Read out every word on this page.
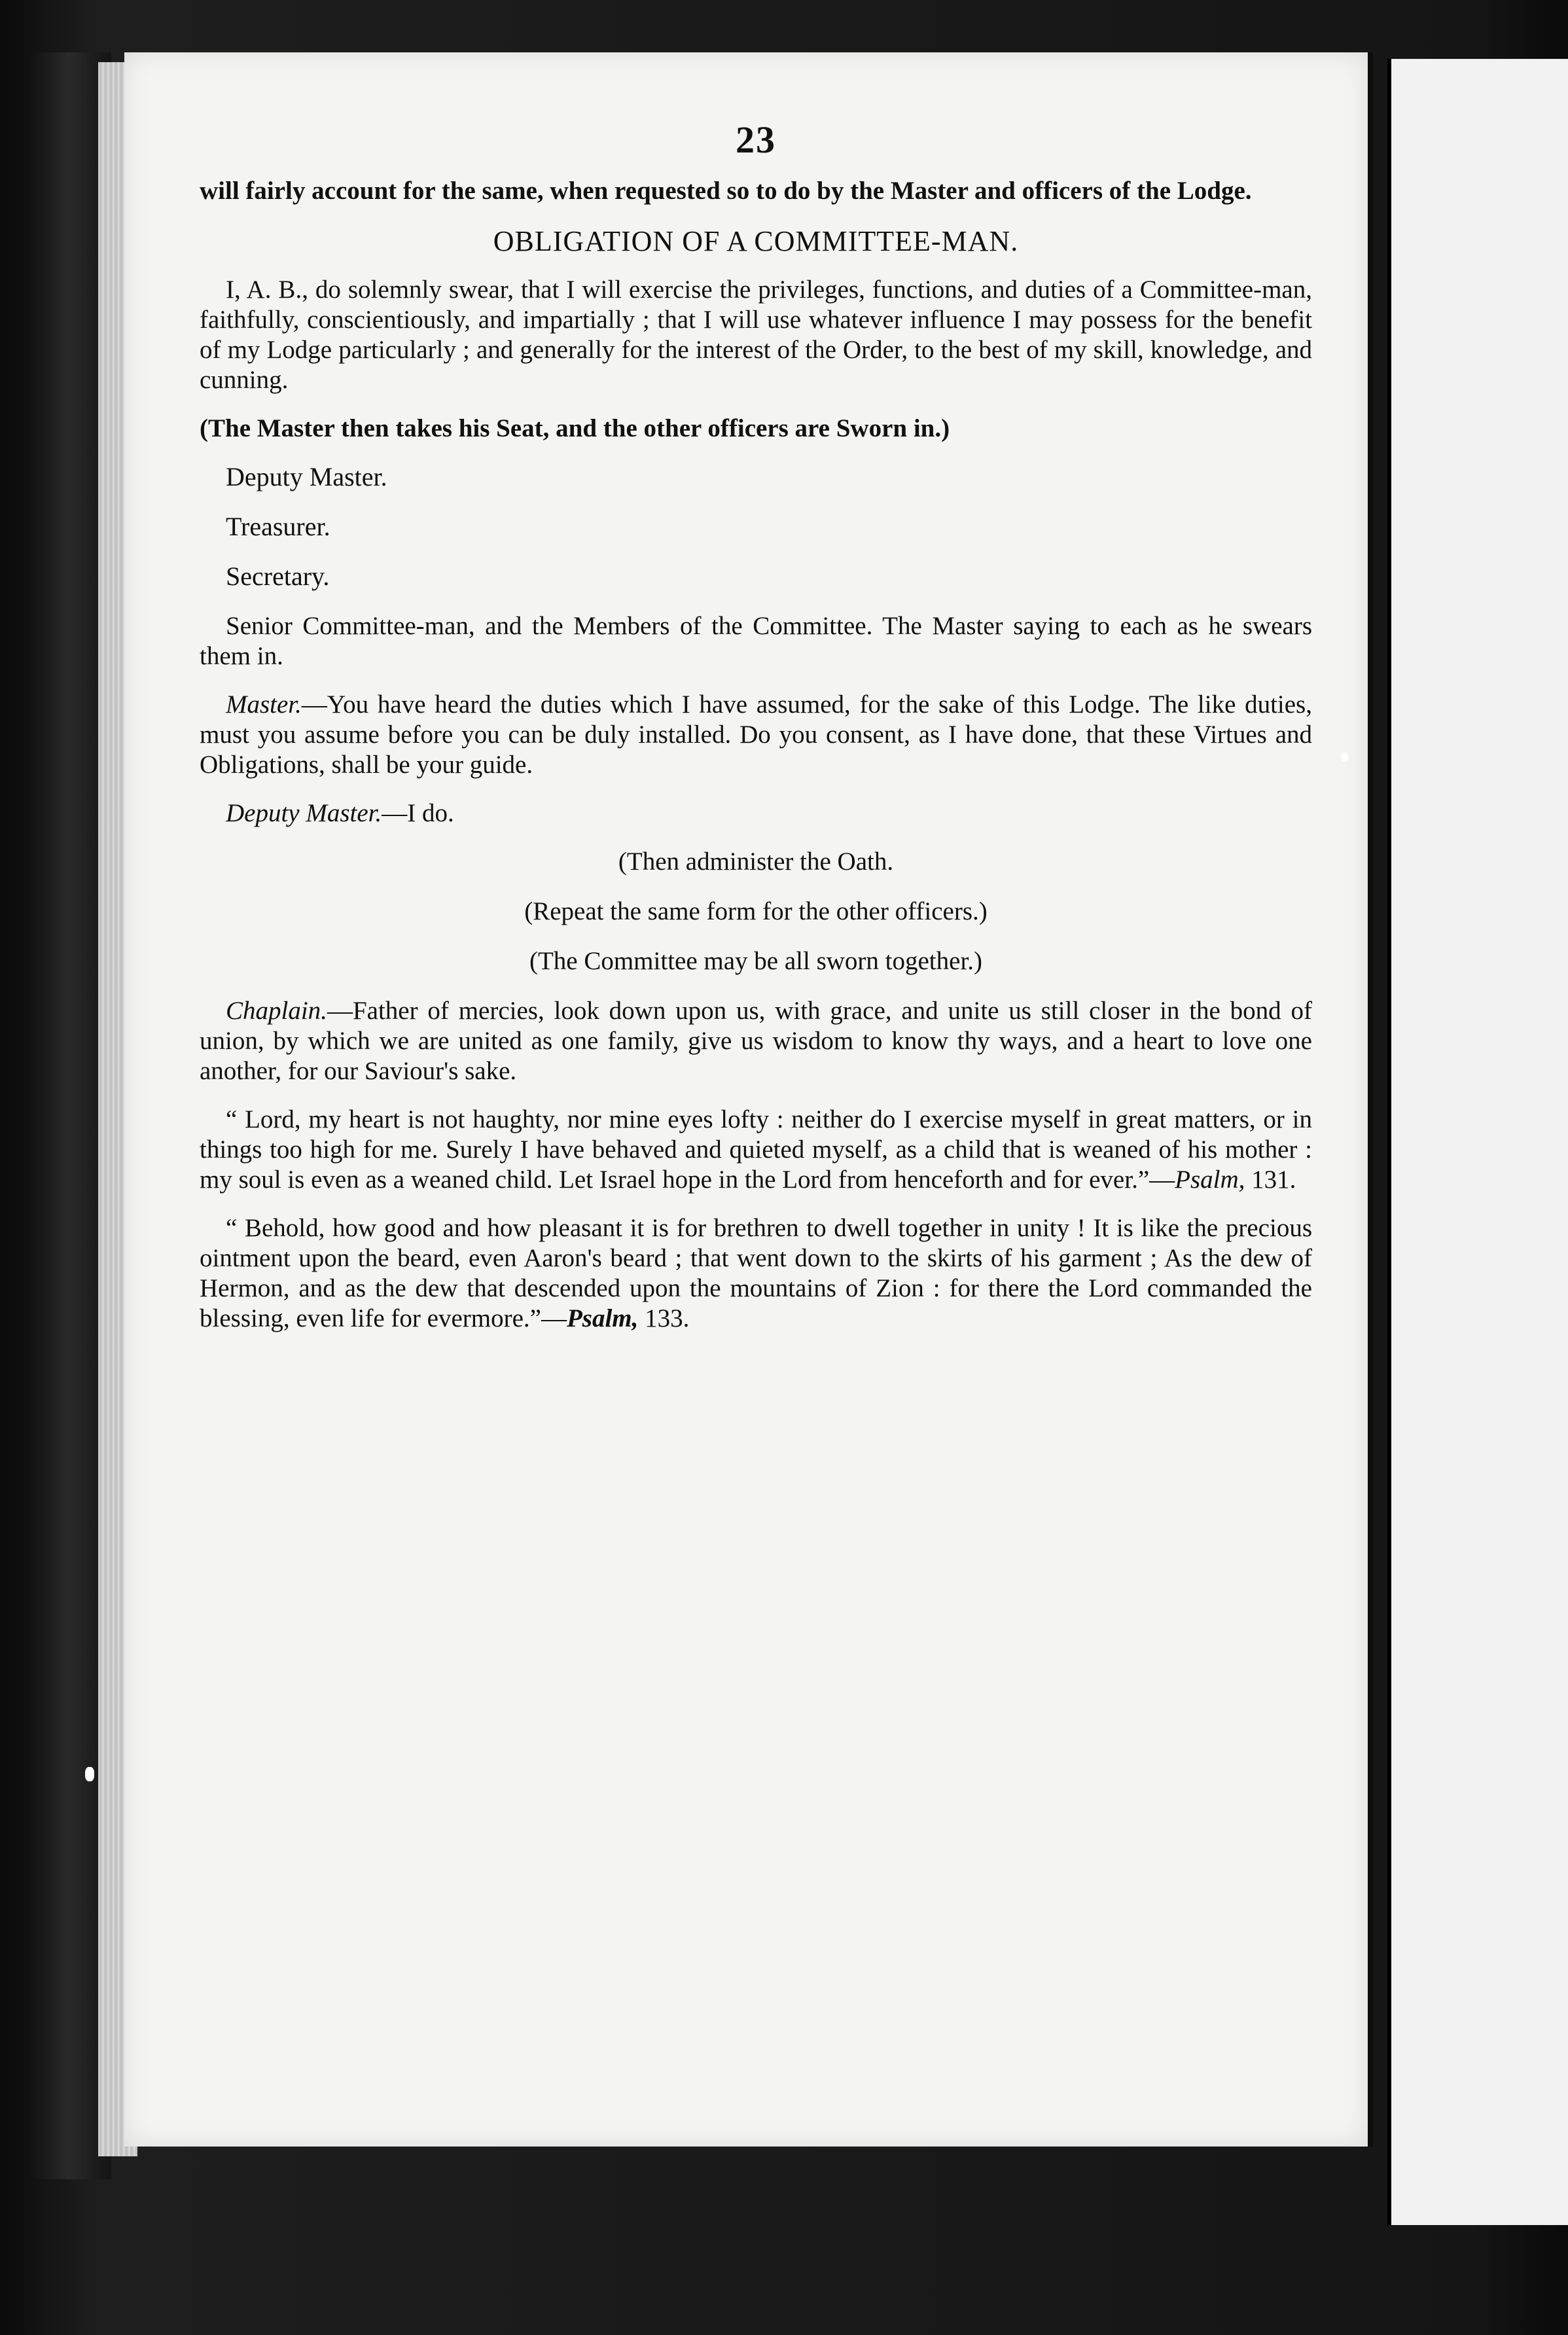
23

will fairly account for the same, when requested so to do by the Master and officers of the Lodge.

OBLIGATION OF A COMMITTEE-MAN.

I, A. B., do solemnly swear, that I will exercise the privileges, functions, and duties of a Committee-man, faithfully, conscientiously, and impartially ; that I will use whatever influence I may possess for the benefit of my Lodge particularly ; and generally for the interest of the Order, to the best of my skill, knowledge, and cunning.

(The Master then takes his Seat, and the other officers are Sworn in.)

Deputy Master.
Treasurer.
Secretary.

Senior Committee-man, and the Members of the Committee. The Master saying to each as he swears them in.

Master.—You have heard the duties which I have assumed, for the sake of this Lodge. The like duties, must you assume before you can be duly installed. Do you consent, as I have done, that these Virtues and Obligations, shall be your guide.

Deputy Master.—I do.

(Then administer the Oath.
(Repeat the same form for the other officers.)
(The Committee may be all sworn together.)

Chaplain.—Father of mercies, look down upon us, with grace, and unite us still closer in the bond of union, by which we are united as one family, give us wisdom to know thy ways, and a heart to love one another, for our Saviour's sake.

“ Lord, my heart is not haughty, nor mine eyes lofty : neither do I exercise myself in great matters, or in things too high for me. Surely I have behaved and quieted myself, as a child that is weaned of his mother : my soul is even as a weaned child. Let Israel hope in the Lord from henceforth and for ever.”—Psalm, 131.

“ Behold, how good and how pleasant it is for brethren to dwell together in unity ! It is like the precious ointment upon the beard, even Aaron's beard ; that went down to the skirts of his garment ; As the dew of Hermon, and as the dew that descended upon the mountains of Zion : for there the Lord commanded the blessing, even life for evermore.”—Psalm, 133.
